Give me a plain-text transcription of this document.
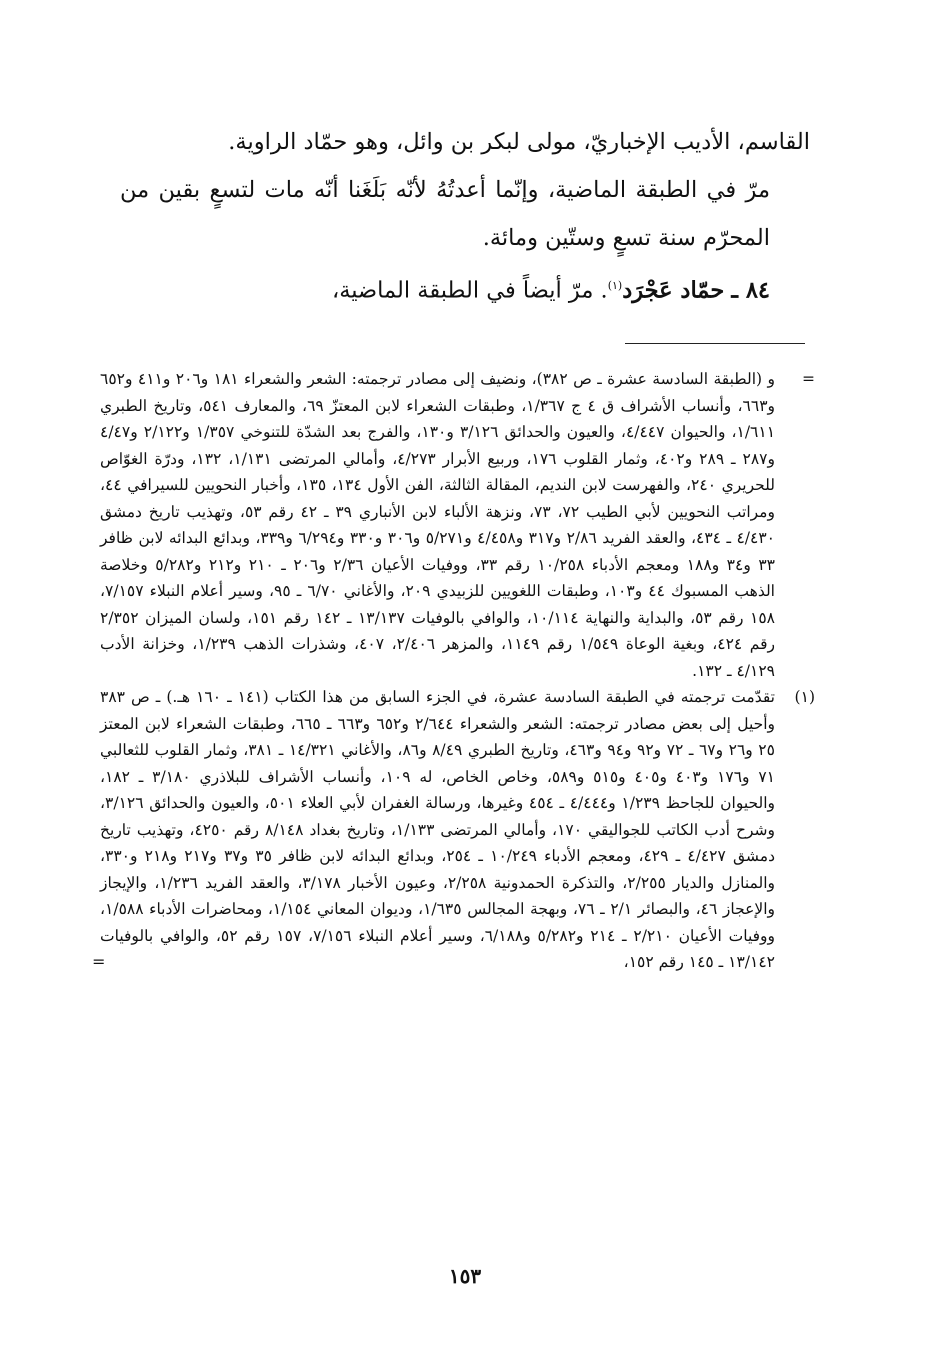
القاسم، الأديب الإخباريّ، مولى لبكر بن وائل، وهو حمّاد الراوية.

مرّ في الطبقة الماضية، وإنّما أعدتُهُ لأنّه بَلَغَنا أنّه مات لتسعٍ بقين من المحرّم سنة تسعٍ وستّين ومائة.

٨٤ ـ حمّاد عَجْرَد$^{(١)}$. مرّ أيضاً في الطبقة الماضية،

=

و (الطبقة السادسة عشرة ـ ص ٣٨٢)، ونضيف إلى مصادر ترجمته: الشعر والشعراء ١٨١ و٢٠٦ و٤١١ و٦٥٢ و٦٦٣، وأنساب الأشراف ق ٤ ج ١/٣٦٧، وطبقات الشعراء لابن المعتزّ ٦٩، والمعارف ٥٤١، وتاريخ الطبري ١/٦١١، والحيوان ٤/٤٤٧، والعيون والحدائق ٣/١٢٦ و١٣٠، والفرج بعد الشدّة للتنوخي ١/٣٥٧ و٢/١٢٢ و٤/٤٧ و٢٨٧ ـ ٢٨٩ و٤٠٢، وثمار القلوب ١٧٦، وربيع الأبرار ٤/٢٧٣، وأمالي المرتضى ١/١٣١، ١٣٢، ودرّة الغوّاص للحريري ٢٤٠، والفهرست لابن النديم، المقالة الثالثة، الفن الأول ١٣٤، ١٣٥، وأخبار النحويين للسيرافي ٤٤، ومراتب النحويين لأبي الطيب ٧٢، ٧٣، ونزهة الألباء لابن الأنباري ٣٩ ـ ٤٢ رقم ٥٣، وتهذيب تاريخ دمشق ٤/٤٣٠ ـ ٤٣٤، والعقد الفريد ٢/٨٦ و٣١٧ و٤/٤٥٨ و٥/٢٧١ و٣٠٦ و٣٣٠ و٦/٢٩٤ و٣٣٩، وبدائع البدائه لابن ظافر ٣٣ و٣٤ و١٨٨ ومعجم الأدباء ١٠/٢٥٨ رقم ٣٣، ووفيات الأعيان ٢/٣٦ و٢٠٦ ـ ٢١٠ و٢١٢ و٥/٢٨٢ وخلاصة الذهب المسبوك ٤٤ و١٠٣، وطبقات اللغويين للزبيدي ٢٠٩، والأغاني ٦/٧٠ ـ ٩٥، وسير أعلام النبلاء ٧/١٥٧، ١٥٨ رقم ٥٣، والبداية والنهاية ١٠/١١٤، والوافي بالوفيات ١٣/١٣٧ ـ ١٤٢ رقم ١٥١، ولسان الميزان ٢/٣٥٢ رقم ٤٢٤، وبغية الوعاة ١/٥٤٩ رقم ١١٤٩، والمزهر ٢/٤٠٦، ٤٠٧، وشذرات الذهب ١/٢٣٩، وخزانة الأدب ٤/١٢٩ ـ ١٣٢.

(١)

تقدّمت ترجمته في الطبقة السادسة عشرة، في الجزء السابق من هذا الكتاب (١٤١ ـ ١٦٠ هـ.) ـ ص ٣٨٣ وأحيل إلى بعض مصادر ترجمته: الشعر والشعراء ٢/٦٤٤ و٦٥٢ و٦٦٣ ـ ٦٦٥، وطبقات الشعراء لابن المعتز ٢٥ و٢٦ و٦٧ ـ ٧٢ و٩٢ و٩٤ و٤٦٣، وتاريخ الطبري ٨/٤٩ و٨٦، والأغاني ١٤/٣٢١ ـ ٣٨١، وثمار القلوب للثعالبي ٧١ و١٧٦ و٤٠٣ و٤٠٥ و٥١٥ و٥٨٩، وخاص الخاص، له ١٠٩، وأنساب الأشراف للبلاذري ٣/١٨٠ ـ ١٨٢، والحيوان للجاحظ ١/٢٣٩ و٤/٤٤٤ ـ ٤٥٤ وغيرها، ورسالة الغفران لأبي العلاء ٥٠١، والعيون والحدائق ٣/١٢٦، وشرح أدب الكاتب للجواليقي ١٧٠، وأمالي المرتضى ١/١٣٣، وتاريخ بغداد ٨/١٤٨ رقم ٤٢٥٠، وتهذيب تاريخ دمشق ٤/٤٢٧ ـ ٤٢٩، ومعجم الأدباء ١٠/٢٤٩ ـ ٢٥٤، وبدائع البدائه لابن ظافر ٣٥ و٣٧ و٢١٧ و٢١٨ و٣٣٠، والمنازل والديار ٢/٢٥٥، والتذكرة الحمدونية ٢/٢٥٨، وعيون الأخبار ٣/١٧٨، والعقد الفريد ١/٢٣٦، والإيجاز والإعجاز ٤٦، والبصائر ٢/١ ـ ٧٦، وبهجة المجالس ١/٦٣٥، وديوان المعاني ١/١٥٤، ومحاضرات الأدباء ١/٥٨٨، ووفيات الأعيان ٢/٢١٠ ـ ٢١٤ و٥/٢٨٢ و٦/١٨٨، وسير أعلام النبلاء ٧/١٥٦، ١٥٧ رقم ٥٢، والوافي بالوفيات ١٣/١٤٢ ـ ١٤٥ رقم ١٥٢،

=
١٥٣
